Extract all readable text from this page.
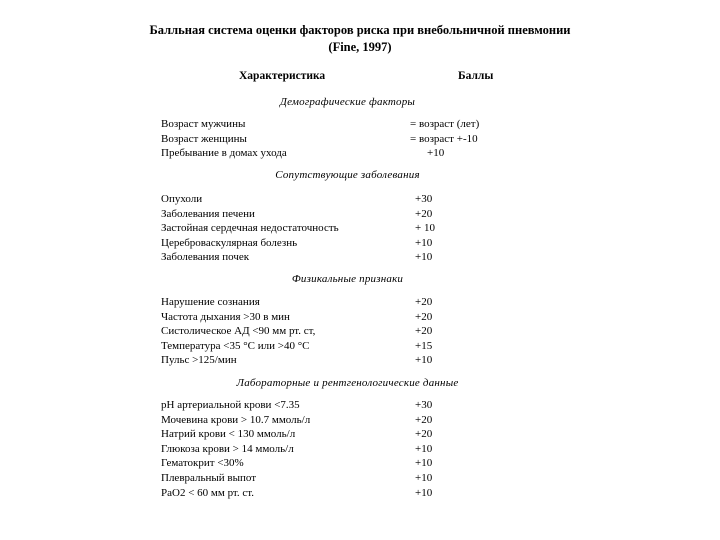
Балльная система оценки факторов риска при внебольничной пневмонии
(Fine, 1997)
Характеристика	Баллы
Демографические факторы
Возраст мужчины	= возраст (лет)
Возраст женщины	= возраст +-10
Пребывание в домах ухода	+10
Сопутствующие заболевания
Опухоли	+30
Заболевания печени	+20
Застойная сердечная недостаточность	+ 10
Цереброваскулярная болезнь	+10
Заболевания почек	+10
Физикальные признаки
Нарушение сознания	+20
Частота дыхания >30 в мин	+20
Систолическое АД <90 мм рт. ст,	+20
Температура <35 °С или >40 °С	+15
Пульс >125/мин	+10
Лабораторные и рентгенологические данные
рН артериальной крови <7.35	+30
Мочевина крови > 10.7 ммоль/л	+20
Натрий крови < 130 ммоль/л	+20
Глюкоза крови > 14 ммоль/л	+10
Гематокрит <30%	+10
Плевральный выпот	+10
PaO2 < 60 мм рт. ст.	+10
